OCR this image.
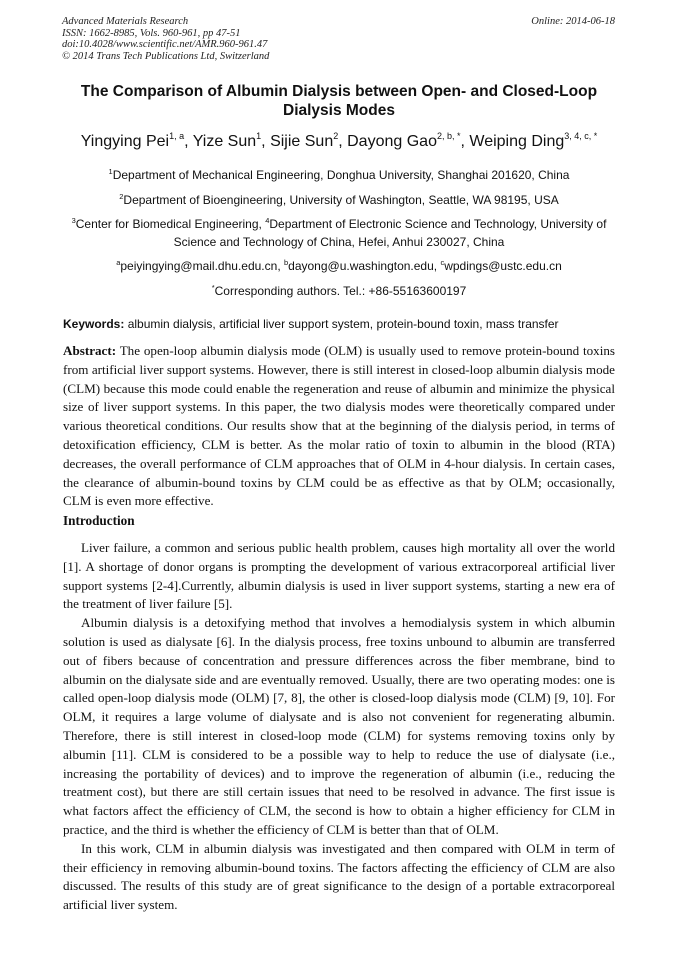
Advanced Materials Research
ISSN: 1662-8985, Vols. 960-961, pp 47-51
doi:10.4028/www.scientific.net/AMR.960-961.47
© 2014 Trans Tech Publications Ltd, Switzerland
Online: 2014-06-18
The Comparison of Albumin Dialysis between Open- and Closed-Loop Dialysis Modes
Yingying Pei$^{1, a}$, Yize Sun$^1$, Sijie Sun$^2$, Dayong Gao$^{2, b, *}$, Weiping Ding$^{3, 4, c, *}$
$^1$Department of Mechanical Engineering, Donghua University, Shanghai 201620, China
$^2$Department of Bioengineering, University of Washington, Seattle, WA 98195, USA
$^3$Center for Biomedical Engineering, $^4$Department of Electronic Science and Technology, University of Science and Technology of China, Hefei, Anhui 230027, China
$^a$peiyingying@mail.dhu.edu.cn, $^b$dayong@u.washington.edu, $^c$wpdings@ustc.edu.cn
*Corresponding authors. Tel.: +86-55163600197
Keywords: albumin dialysis, artificial liver support system, protein-bound toxin, mass transfer
Abstract: The open-loop albumin dialysis mode (OLM) is usually used to remove protein-bound toxins from artificial liver support systems. However, there is still interest in closed-loop albumin dialysis mode (CLM) because this mode could enable the regeneration and reuse of albumin and minimize the physical size of liver support systems. In this paper, the two dialysis modes were theoretically compared under various theoretical conditions. Our results show that at the beginning of the dialysis period, in terms of detoxification efficiency, CLM is better. As the molar ratio of toxin to albumin in the blood (RTA) decreases, the overall performance of CLM approaches that of OLM in 4-hour dialysis. In certain cases, the clearance of albumin-bound toxins by CLM could be as effective as that by OLM; occasionally, CLM is even more effective.
Introduction

Liver failure, a common and serious public health problem, causes high mortality all over the world [1]. A shortage of donor organs is prompting the development of various extracorporeal artificial liver support systems [2-4].Currently, albumin dialysis is used in liver support systems, starting a new era of the treatment of liver failure [5].

Albumin dialysis is a detoxifying method that involves a hemodialysis system in which albumin solution is used as dialysate [6]. In the dialysis process, free toxins unbound to albumin are transferred out of fibers because of concentration and pressure differences across the fiber membrane, bind to albumin on the dialysate side and are eventually removed. Usually, there are two operating modes: one is called open-loop dialysis mode (OLM) [7, 8], the other is closed-loop dialysis mode (CLM) [9, 10]. For OLM, it requires a large volume of dialysate and is also not convenient for regenerating albumin. Therefore, there is still interest in closed-loop mode (CLM) for systems removing toxins only by albumin [11]. CLM is considered to be a possible way to help to reduce the use of dialysate (i.e., increasing the portability of devices) and to improve the regeneration of albumin (i.e., reducing the treatment cost), but there are still certain issues that need to be resolved in advance. The first issue is what factors affect the efficiency of CLM, the second is how to obtain a higher efficiency for CLM in practice, and the third is whether the efficiency of CLM is better than that of OLM.

In this work, CLM in albumin dialysis was investigated and then compared with OLM in term of their efficiency in removing albumin-bound toxins. The factors affecting the efficiency of CLM are also discussed. The results of this study are of great significance to the design of a portable extracorporeal artificial liver system.
